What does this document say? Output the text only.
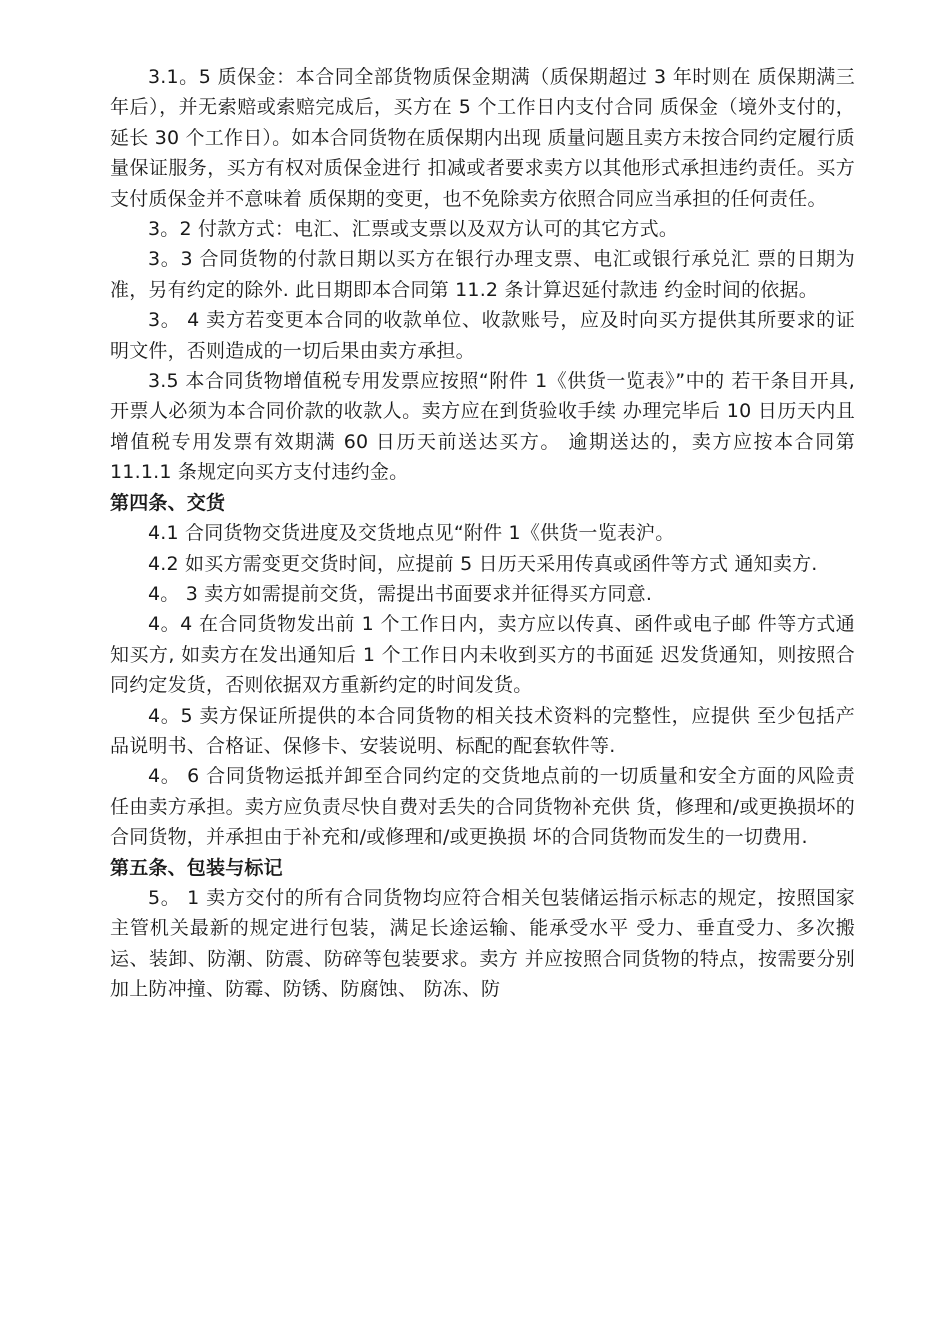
3.1。5 质保金：本合同全部货物质保金期满（质保期超过 3 年时则在 质保期满三年后），并无索赔或索赔完成后，买方在 5 个工作日内支付合同 质保金（境外支付的，延长 30 个工作日）。如本合同货物在质保期内出现 质量问题且卖方未按合同约定履行质量保证服务，买方有权对质保金进行 扣减或者要求卖方以其他形式承担违约责任。买方支付质保金并不意味着 质保期的变更，也不免除卖方依照合同应当承担的任何责任。

3。2 付款方式：电汇、汇票或支票以及双方认可的其它方式。

3。3 合同货物的付款日期以买方在银行办理支票、电汇或银行承兑汇 票的日期为准，另有约定的除外. 此日期即本合同第 11.2 条计算迟延付款违 约金时间的依据。

3。 4 卖方若变更本合同的收款单位、收款账号，应及时向买方提供其所要求的证明文件，否则造成的一切后果由卖方承担。

3.5 本合同货物增值税专用发票应按照“附件 1《供货一览表》”中的 若干条目开具, 开票人必须为本合同价款的收款人。卖方应在到货验收手续 办理完毕后 10 日历天内且增值税专用发票有效期满 60 日历天前送达买方。 逾期送达的，卖方应按本合同第 11.1.1 条规定向买方支付违约金。

第四条、交货

4.1 合同货物交货进度及交货地点见“附件 1《供货一览表沪。

4.2 如买方需变更交货时间，应提前 5 日历天采用传真或函件等方式 通知卖方.

4。 3 卖方如需提前交货，需提出书面要求并征得买方同意.

4。4 在合同货物发出前 1 个工作日内，卖方应以传真、函件或电子邮 件等方式通知买方, 如卖方在发出通知后 1 个工作日内未收到买方的书面延 迟发货通知，则按照合同约定发货，否则依据双方重新约定的时间发货。

4。5 卖方保证所提供的本合同货物的相关技术资料的完整性，应提供 至少包括产品说明书、合格证、保修卡、安装说明、标配的配套软件等.

4。 6 合同货物运抵并卸至合同约定的交货地点前的一切质量和安全方面的风险责任由卖方承担。卖方应负责尽快自费对丢失的合同货物补充供 货，修理和/或更换损坏的合同货物，并承担由于补充和/或修理和/或更换损 坏的合同货物而发生的一切费用.

第五条、包装与标记

5。 1 卖方交付的所有合同货物均应符合相关包装储运指示标志的规定，按照国家主管机关最新的规定进行包装，满足长途运输、能承受水平 受力、垂直受力、多次搬运、装卸、防潮、防震、防碎等包装要求。卖方 并应按照合同货物的特点，按需要分别加上防冲撞、防霉、防锈、防腐蚀、 防冻、防
